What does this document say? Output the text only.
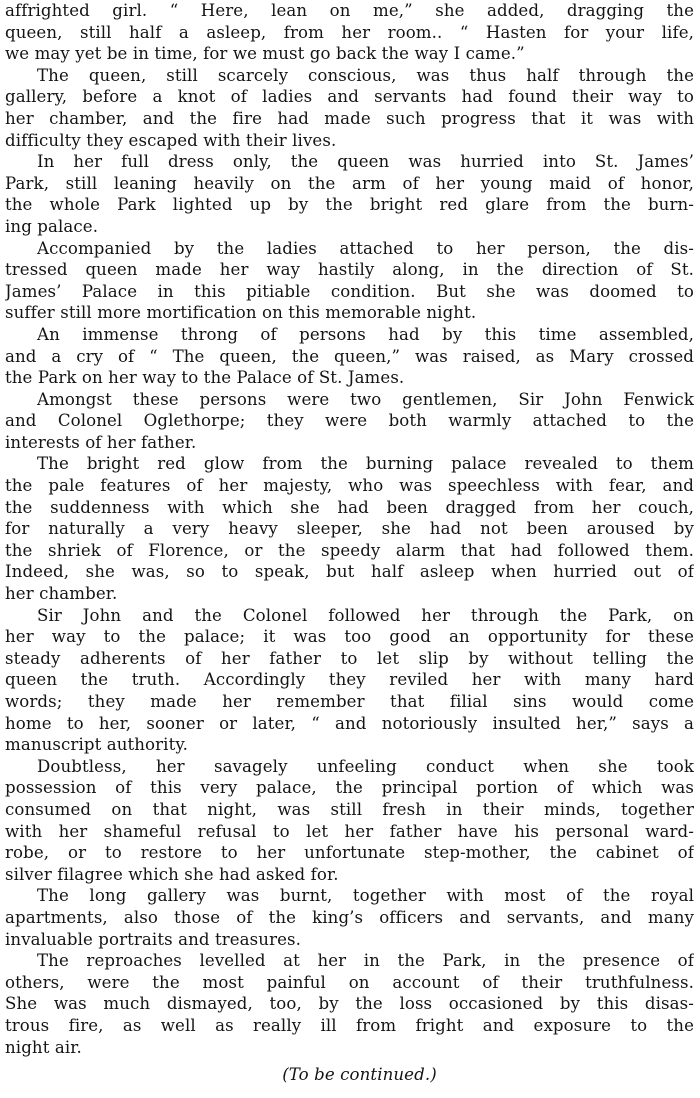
affrighted girl. “ Here, lean on me,” she added, dragging the
queen, still half a asleep, from her room.. “ Hasten for your life,
we may yet be in time, for we must go back the way I came.”

The queen, still scarcely conscious, was thus half through the
gallery, before a knot of ladies and servants had found their way to
her chamber, and the fire had made such progress that it was with
difficulty they escaped with their lives.

In her full dress only, the queen was hurried into St. James’
Park, still leaning heavily on the arm of her young maid of honor,
the whole Park lighted up by the bright red glare from the burn-
ing palace.

Accompanied by the ladies attached to her person, the dis-
tressed queen made her way hastily along, in the direction of St.
James’ Palace in this pitiable condition. But she was doomed to
suffer still more mortification on this memorable night.

An immense throng of persons had by this time assembled,
and a cry of “ The queen, the queen,” was raised, as Mary crossed
the Park on her way to the Palace of St. James.

Amongst these persons were two gentlemen, Sir John Fenwick
and Colonel Oglethorpe; they were both warmly attached to the
interests of her father.

The bright red glow from the burning palace revealed to them
the pale features of her majesty, who was speechless with fear, and
the suddenness with which she had been dragged from her couch,
for naturally a very heavy sleeper, she had not been aroused by
the shriek of Florence, or the speedy alarm that had followed them.
Indeed, she was, so to speak, but half asleep when hurried out of
her chamber.

Sir John and the Colonel followed her through the Park, on
her way to the palace; it was too good an opportunity for these
steady adherents of her father to let slip by without telling the
queen the truth. Accordingly they reviled her with many hard
words; they made her remember that filial sins would come
home to her, sooner or later, “ and notoriously insulted her,” says a
manuscript authority.

Doubtless, her savagely unfeeling conduct when she took
possession of this very palace, the principal portion of which was
consumed on that night, was still fresh in their minds, together
with her shameful refusal to let her father have his personal ward-
robe, or to restore to her unfortunate step-mother, the cabinet of
silver filagree which she had asked for.

The long gallery was burnt, together with most of the royal
apartments, also those of the king’s officers and servants, and many
invaluable portraits and treasures.

The reproaches levelled at her in the Park, in the presence of
others, were the most painful on account of their truthfulness.
She was much dismayed, too, by the loss occasioned by this disas-
trous fire, as well as really ill from fright and exposure to the
night air.

(To be continued.)
